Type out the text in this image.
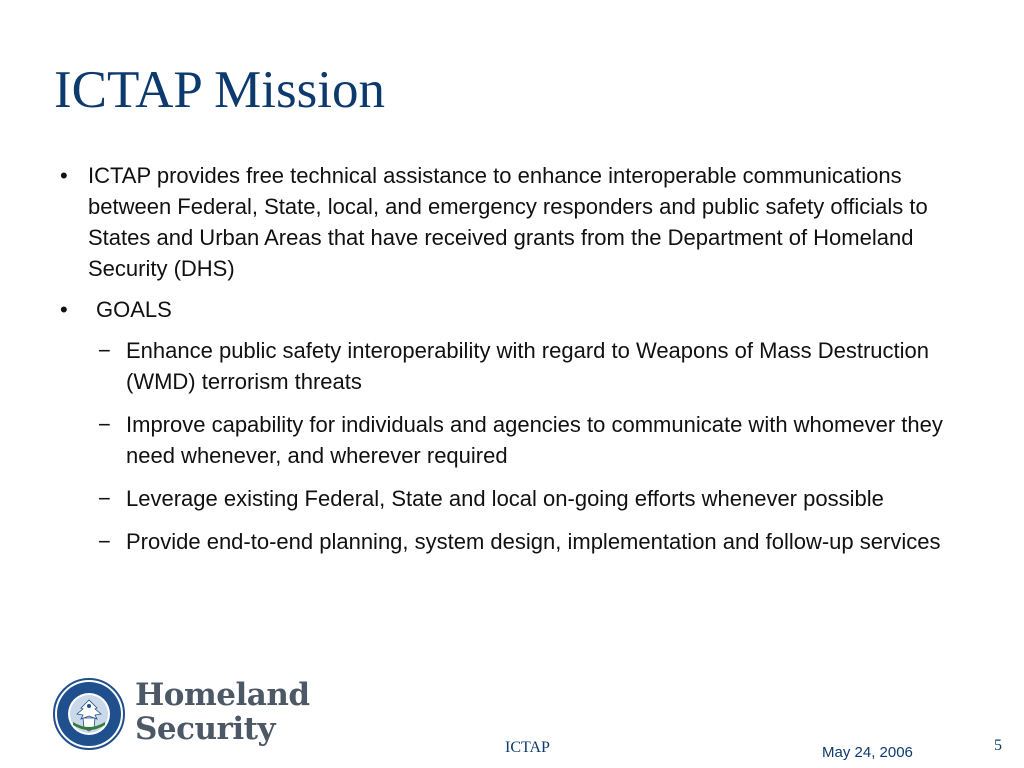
ICTAP Mission
• ICTAP provides free technical assistance to enhance interoperable communications between Federal, State, local, and emergency responders and public safety officials to States and Urban Areas that have received grants from the Department of Homeland Security (DHS)
• GOALS
− Enhance public safety interoperability with regard to Weapons of Mass Destruction (WMD) terrorism threats
− Improve capability for individuals and agencies to communicate with whomever they need whenever, and wherever required
− Leverage existing Federal, State and local on-going efforts whenever possible
− Provide end-to-end planning, system design, implementation and follow-up services
Homeland
Security
ICTAP	May 24, 2006	5
